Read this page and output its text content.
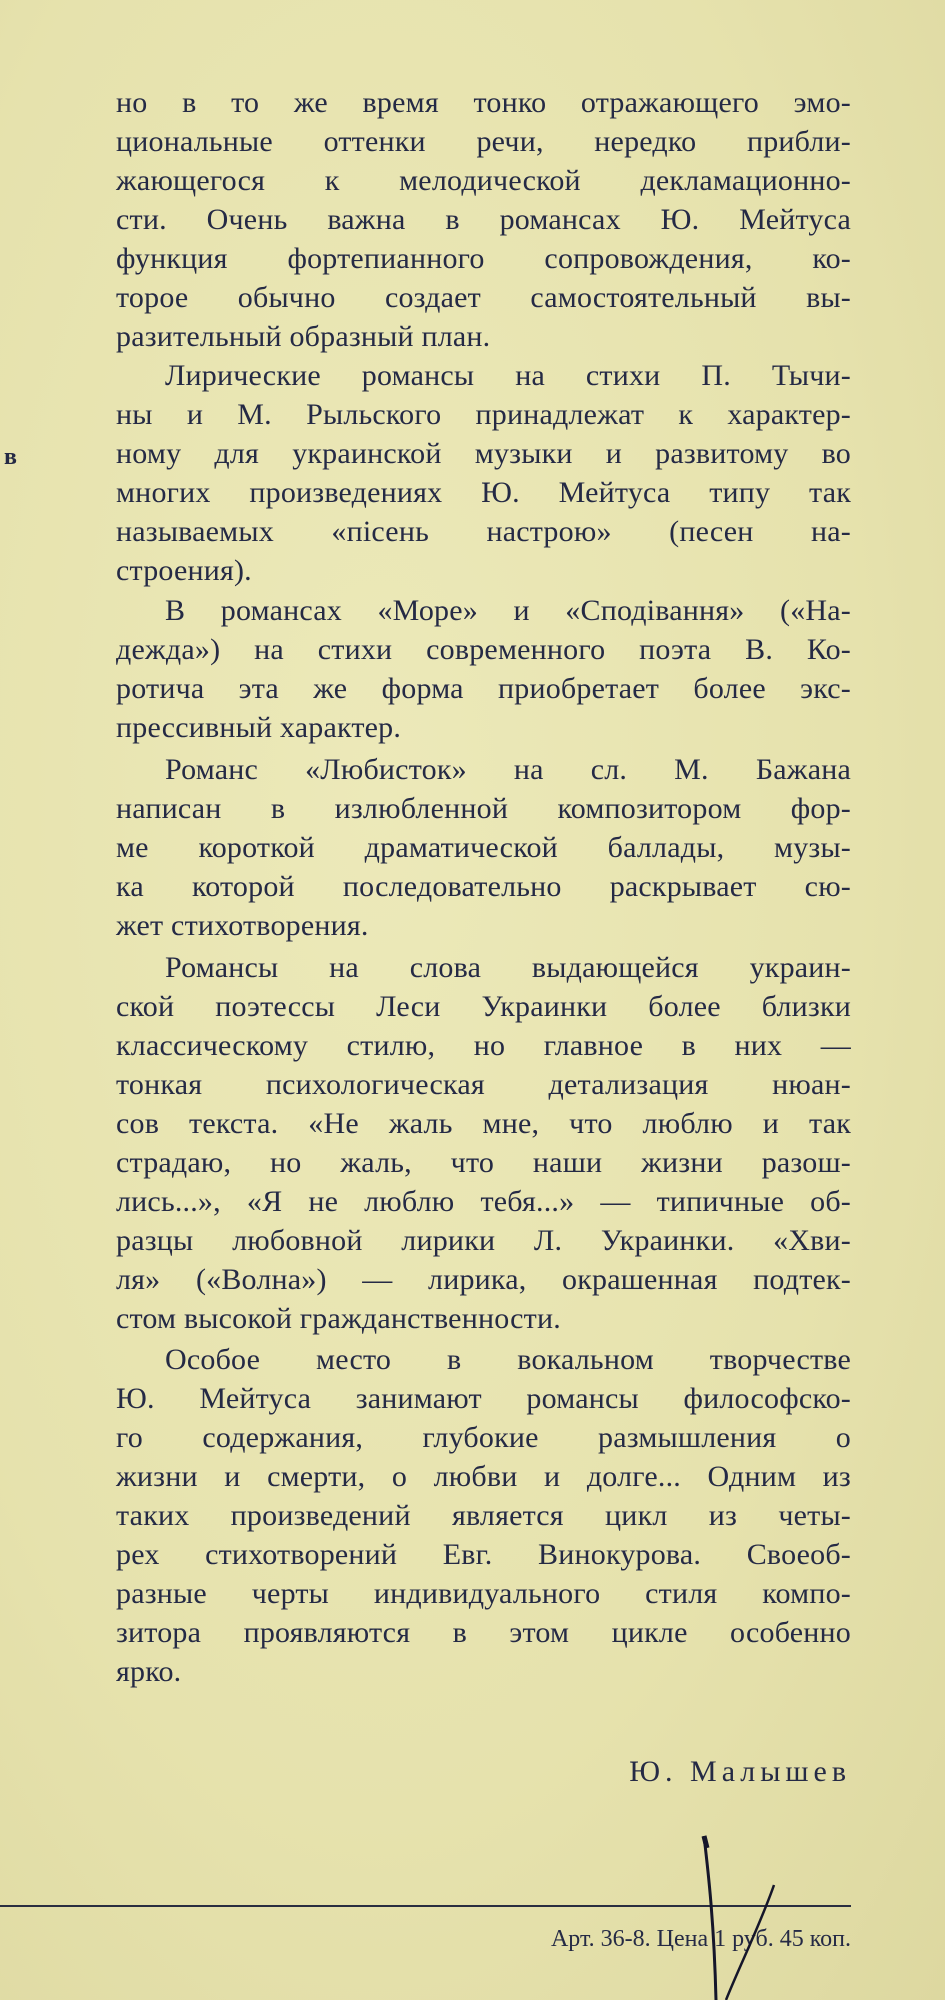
но в то же время тонко отражающего эмо-
циональные оттенки речи, нередко прибли-
жающегося к мелодической декламационно-
сти. Очень важна в романсах Ю. Мейтуса
функция фортепианного сопровождения, ко-
торое обычно создает самостоятельный вы-
разительный образный план.
Лирические романсы на стихи П. Тычи-
ны и М. Рыльского принадлежат к характер-
ному для украинской музыки и развитому во
многих произведениях Ю. Мейтуса типу так
называемых «пiсень настрою» (песен на-
строения).
В романсах «Море» и «Сподiвання» («На-
дежда») на стихи современного поэта В. Ко-
ротича эта же форма приобретает более экс-
прессивный характер.
Романс «Любисток» на сл. М. Бажана
написан в излюбленной композитором фор-
ме короткой драматической баллады, музы-
ка которой последовательно раскрывает сю-
жет стихотворения.
Романсы на слова выдающейся украин-
ской поэтессы Леси Украинки более близки
классическому стилю, но главное в них —
тонкая психологическая детализация нюан-
сов текста. «Не жаль мне, что люблю и так
страдаю, но жаль, что наши жизни разош-
лись...», «Я не люблю тебя...» — типичные об-
разцы любовной лирики Л. Украинки. «Хви-
ля» («Волна») — лирика, окрашенная подтек-
стом высокой гражданственности.
Особое место в вокальном творчестве
Ю. Мейтуса занимают романсы философско-
го содержания, глубокие размышления о
жизни и смерти, о любви и долге... Одним из
таких произведений является цикл из четы-
рех стихотворений Евг. Винокурова. Своеоб-
разные черты индивидуального стиля компо-
зитора проявляются в этом цикле особенно
ярко.
в
Ю. Малышев
Арт. 36-8. Цена 1 руб. 45 коп.
